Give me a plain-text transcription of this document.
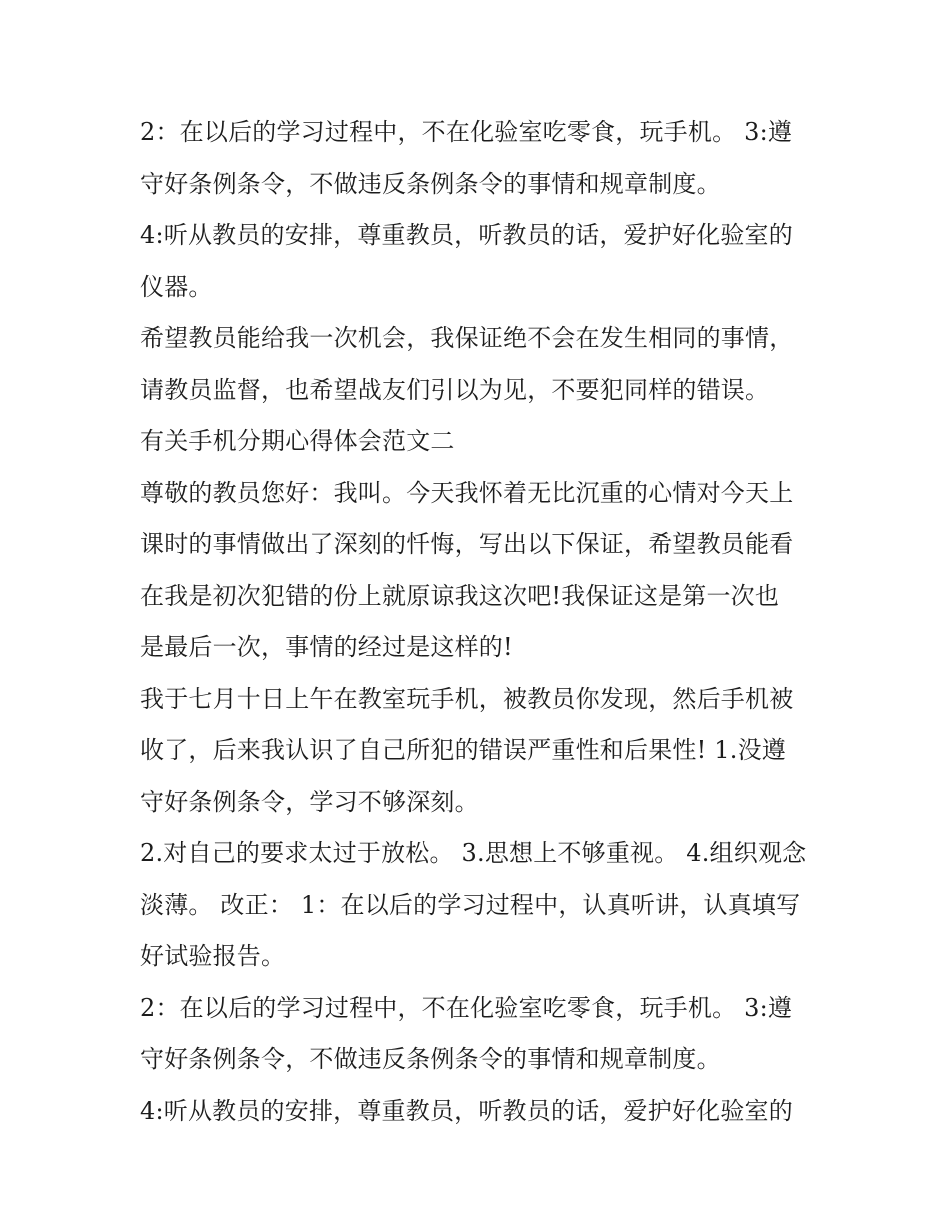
2：在以后的学习过程中，不在化验室吃零食，玩手机。 3:遵
守好条例条令，不做违反条例条令的事情和规章制度。
4:听从教员的安排，尊重教员，听教员的话，爱护好化验室的
仪器。
希望教员能给我一次机会，我保证绝不会在发生相同的事情，
请教员监督，也希望战友们引以为见，不要犯同样的错误。
有关手机分期心得体会范文二
尊敬的教员您好：我叫。今天我怀着无比沉重的心情对今天上
课时的事情做出了深刻的忏悔，写出以下保证，希望教员能看
在我是初次犯错的份上就原谅我这次吧!我保证这是第一次也
是最后一次，事情的经过是这样的!
我于七月十日上午在教室玩手机，被教员你发现，然后手机被
收了，后来我认识了自己所犯的错误严重性和后果性! 1.没遵
守好条例条令，学习不够深刻。
2.对自己的要求太过于放松。 3.思想上不够重视。 4.组织观念
淡薄。 改正： 1：在以后的学习过程中，认真听讲，认真填写
好试验报告。
2：在以后的学习过程中，不在化验室吃零食，玩手机。 3:遵
守好条例条令，不做违反条例条令的事情和规章制度。
4:听从教员的安排，尊重教员，听教员的话，爱护好化验室的
